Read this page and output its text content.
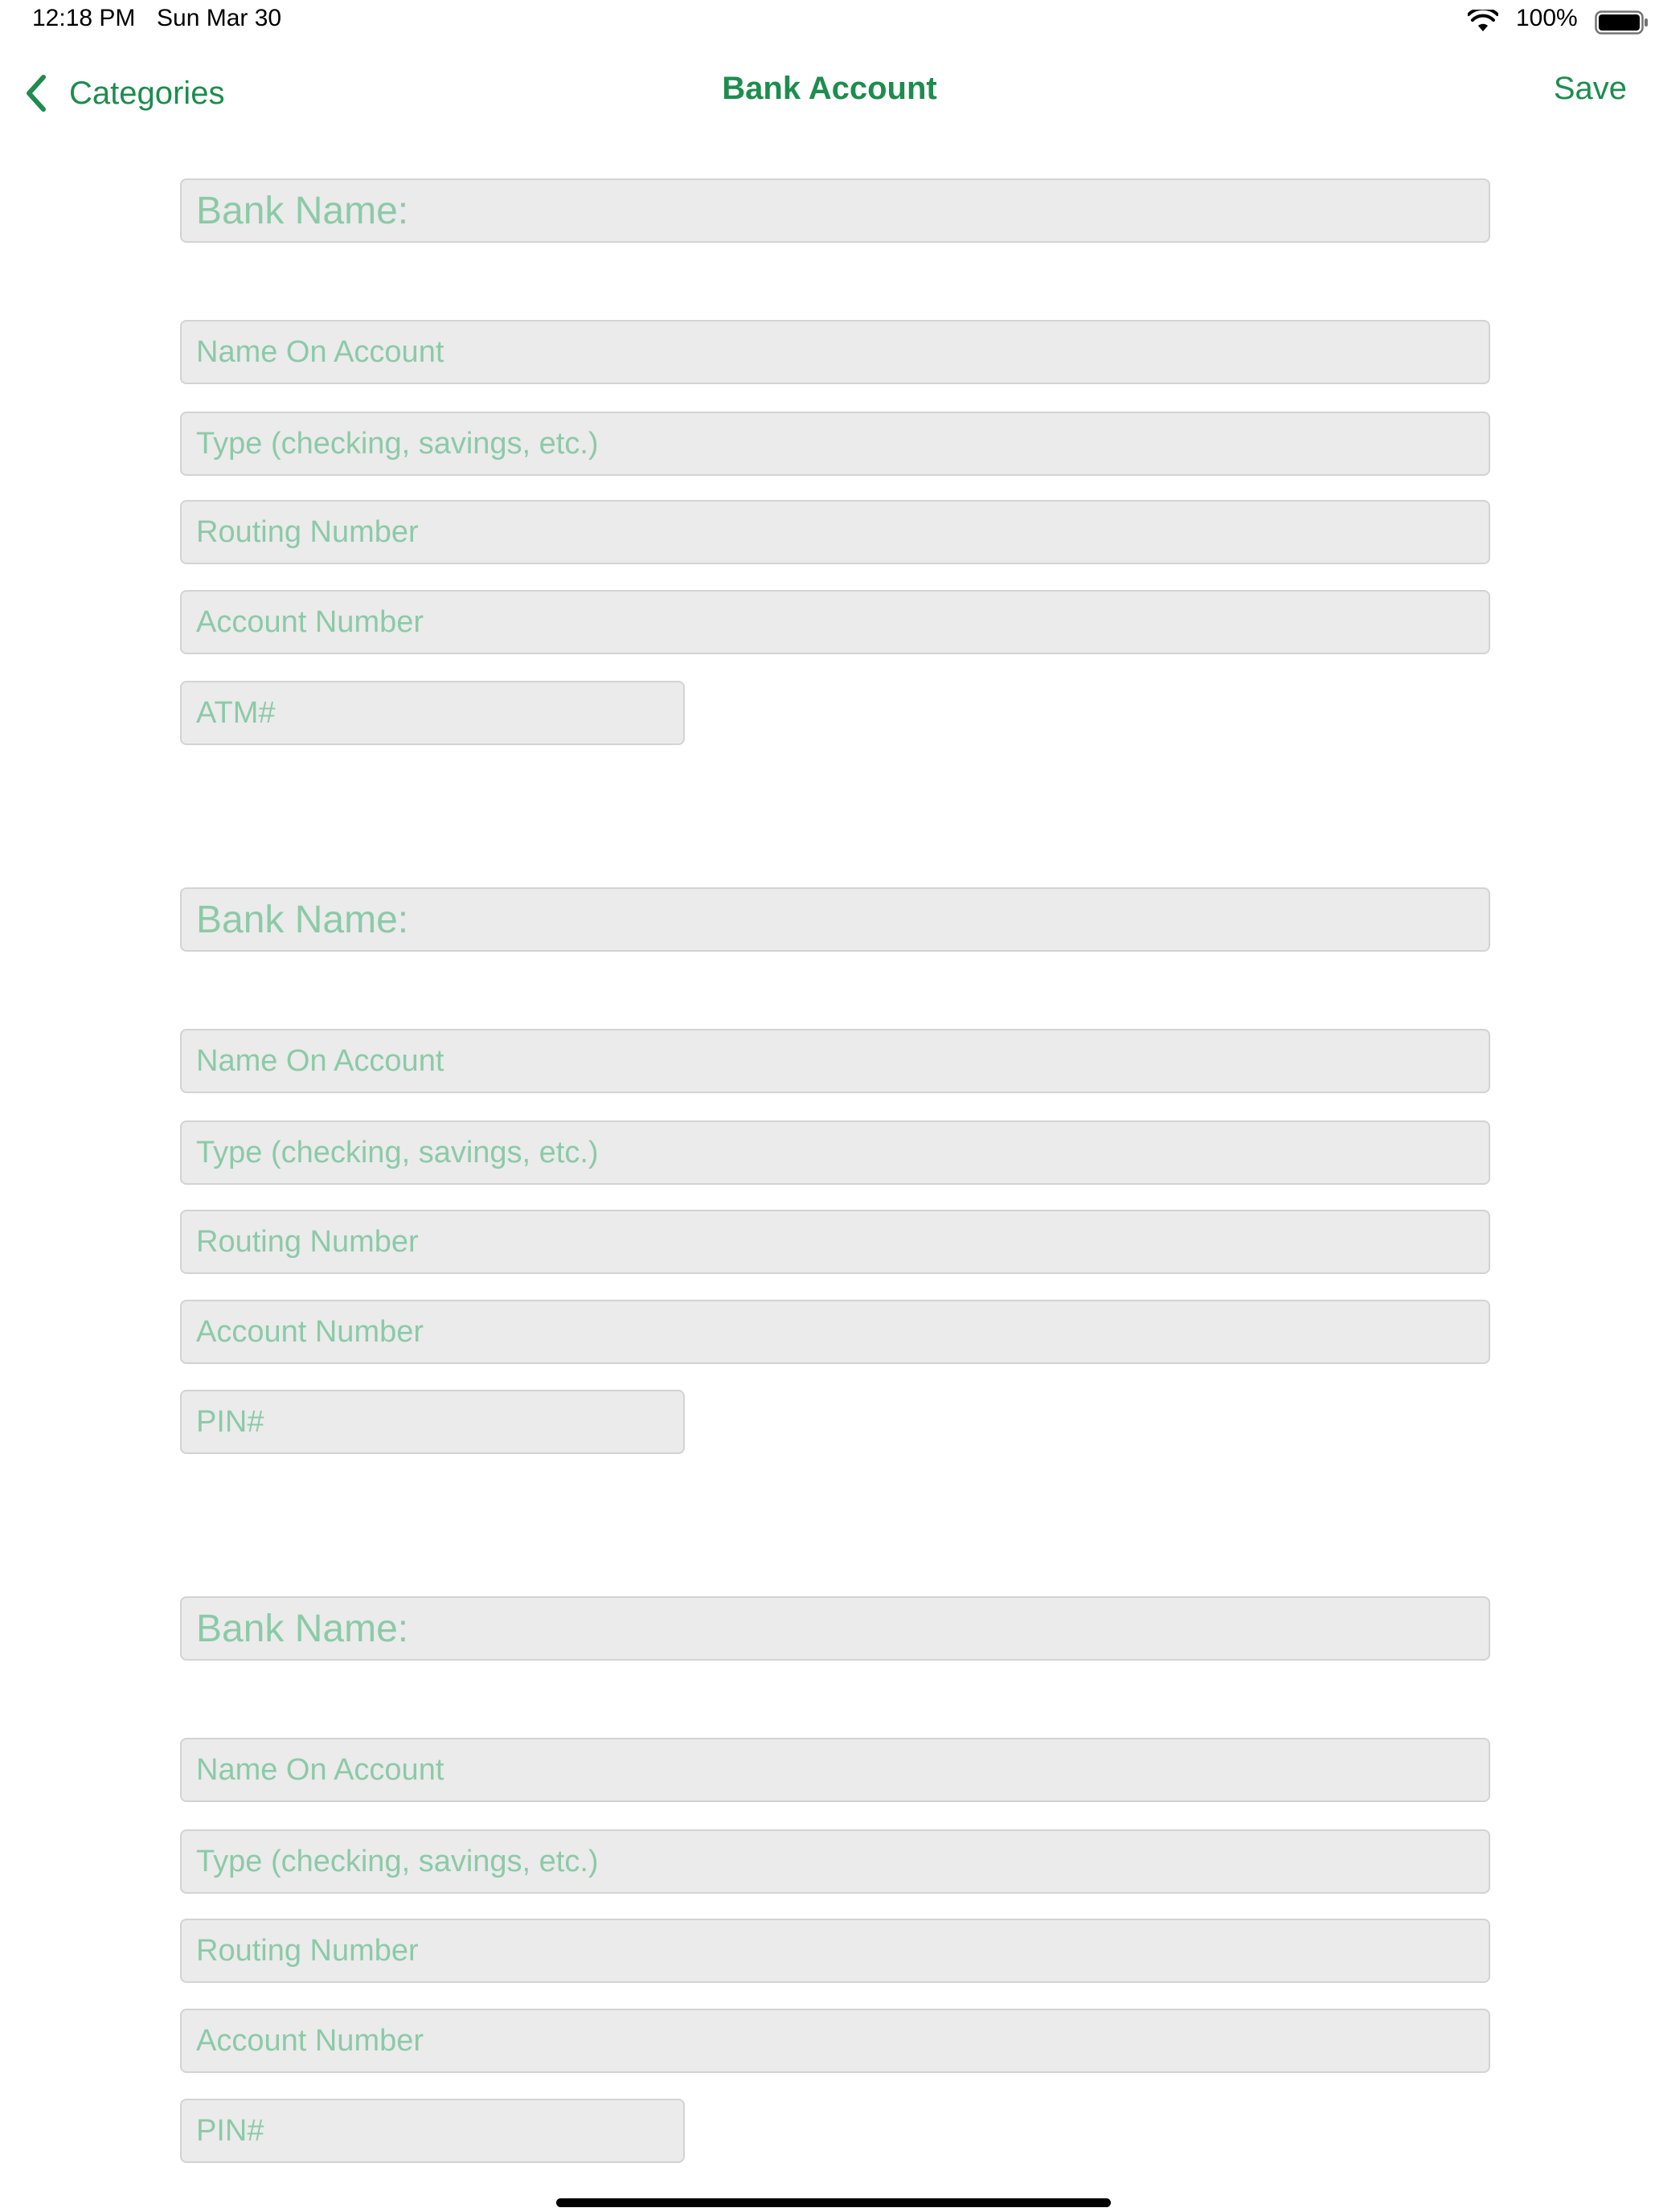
12:18 PM Sun Mar 30	100%
Categories	Bank Account	Save
Bank Name:
Name On Account
Type (checking, savings, etc.)
Routing Number
Account Number
ATM#
Bank Name:
Name On Account
Type (checking, savings, etc.)
Routing Number
Account Number
PIN#
Bank Name:
Name On Account
Type (checking, savings, etc.)
Routing Number
Account Number
PIN#
